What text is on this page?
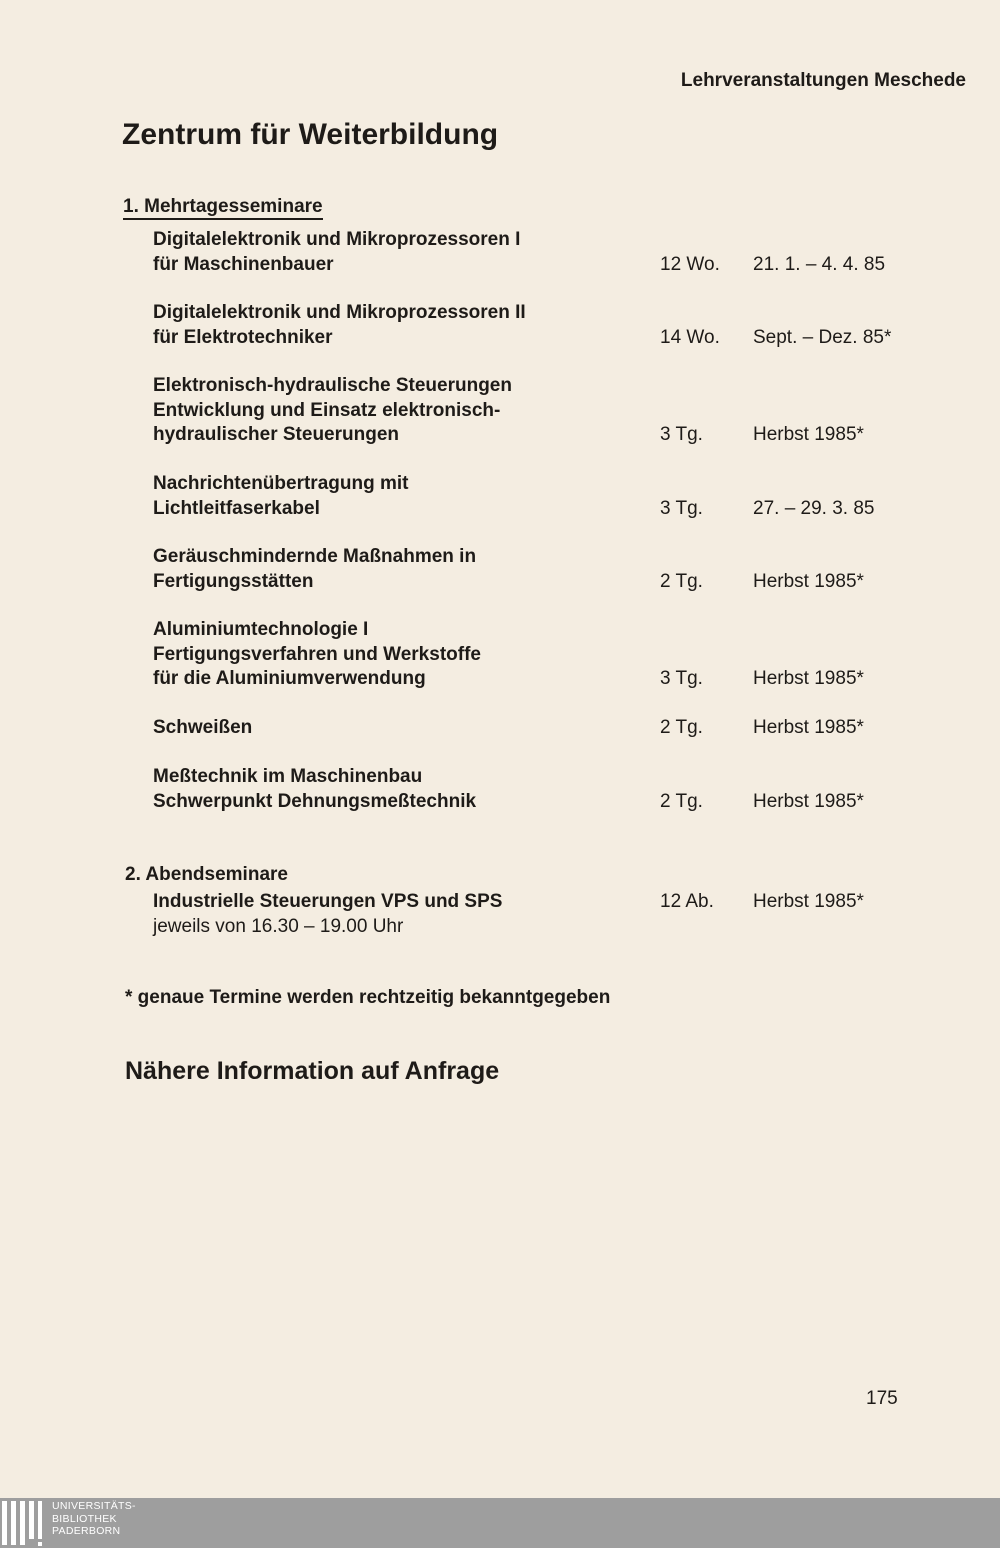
Lehrveranstaltungen Meschede
Zentrum für Weiterbildung
1. Mehrtagesseminare
Digitalelektronik und Mikroprozessoren I
für Maschinenbauer	12 Wo. 21. 1. – 4. 4. 85
Digitalelektronik und Mikroprozessoren II
für Elektrotechniker	14 Wo. Sept. – Dez. 85*
Elektronisch-hydraulische Steuerungen
Entwicklung und Einsatz elektronisch-
hydraulischer Steuerungen	3 Tg.	Herbst 1985*
Nachrichtenübertragung mit
Lichtleitfaserkabel	3 Tg.	27. – 29. 3. 85
Geräuschmindernde Maßnahmen in
Fertigungsstätten	2 Tg.	Herbst 1985*
Aluminiumtechnologie I
Fertigungsverfahren und Werkstoffe
für die Aluminiumverwendung	3 Tg.	Herbst 1985*
Schweißen	2 Tg.	Herbst 1985*
Meßtechnik im Maschinenbau
Schwerpunkt Dehnungsmeßtechnik	2 Tg.	Herbst 1985*
2. Abendseminare
Industrielle Steuerungen VPS und SPS	12 Ab. Herbst 1985*
jeweils von 16.30 – 19.00 Uhr
* genaue Termine werden rechtzeitig bekanntgegeben
Nähere Information auf Anfrage
175
UNIVERSITÄTS-
BIBLIOTHEK
PADERBORN
